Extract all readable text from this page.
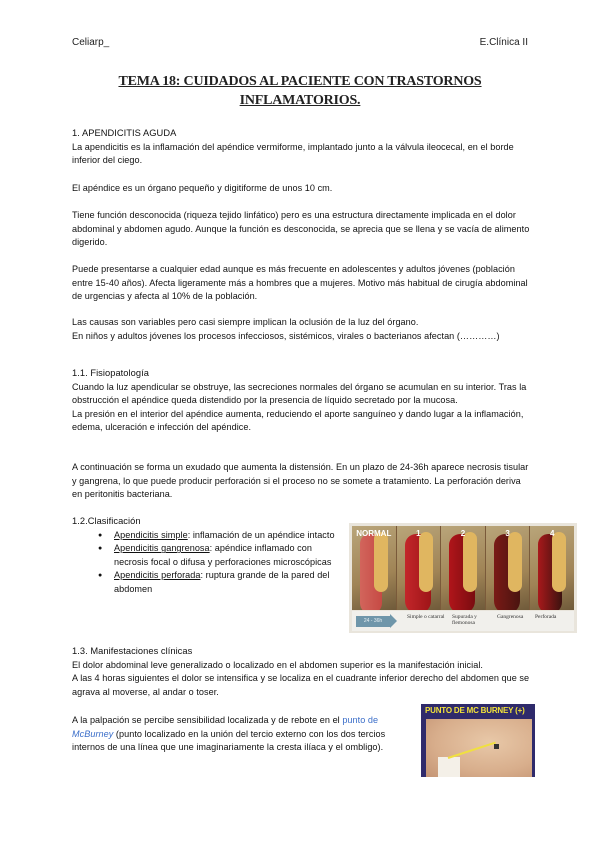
Celiarp_	E.Clínica II
TEMA 18: CUIDADOS AL PACIENTE CON TRASTORNOS
INFLAMATORIOS.

1. APENDICITIS AGUDA

La apendicitis es la inflamación del apéndice vermiforme, implantado junto a la válvula ileocecal, en el borde inferior del ciego.

El apéndice es un órgano pequeño y digitiforme de unos 10 cm.

Tiene función desconocida (riqueza tejido linfático) pero es una estructura directamente implicada en el dolor abdominal y abdomen agudo. Aunque la función es desconocida, se aprecia que se llena y se vacía de alimento digerido.

Puede presentarse a cualquier edad aunque es más frecuente en adolescentes y adultos jóvenes (población entre 15-40 años). Afecta ligeramente más a hombres que a mujeres. Motivo más habitual de cirugía abdominal de urgencias y afecta al 10% de la población.

Las causas son variables pero casi siempre implican la oclusión de la luz del órgano.

En niños y adultos jóvenes los procesos infecciosos, sistémicos, virales o bacterianos afectan (…………)

1.1. Fisiopatología

Cuando la luz apendicular se obstruye, las secreciones normales del órgano se acumulan en su interior. Tras la obstrucción el apéndice queda distendido por la presencia de líquido secretado por la mucosa.

La presión en el interior del apéndice aumenta, reduciendo el aporte sanguíneo y dando lugar a la inflamación, edema, ulceración e infección del apéndice.

A continuación se forma un exudado que aumenta la distensión. En un plazo de 24-36h aparece necrosis tisular y gangrena, lo que puede producir perforación si el proceso no se somete a tratamiento. La perforación deriva en peritonitis bacteriana.

1.2.Clasificación

● Apendicitis simple: inflamación de un apéndice intacto
● Apendicitis gangrenosa: apéndice inflamado con necrosis focal o difusa y perforaciones microscópicas
● Apendicitis perforada: ruptura grande de la pared del abdomen
NORMAL	1	2	3	4
24 - 36h
Simple o catarral Supurada y flemonosa
Gangrenosa	Perforada

1.3. Manifestaciones clínicas

El dolor abdominal leve generalizado o localizado en el abdomen superior es la manifestación inicial.

A las 4 horas siguientes el dolor se intensifica y se localiza en el cuadrante inferior derecho del abdomen que se agrava al moverse, al andar o toser.

A la palpación se percibe sensibilidad localizada y de rebote en el punto de McBurney (punto localizado en la unión del tercio externo con los dos tercios internos de una línea que une imaginariamente la cresta ilíaca y el ombligo).

PUNTO DE MC BURNEY (+)
